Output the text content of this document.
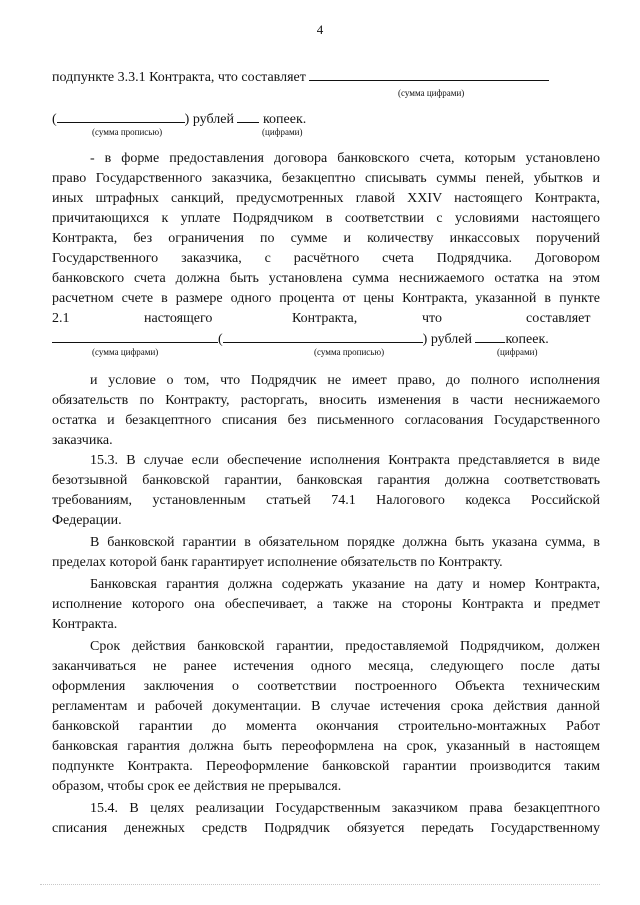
4
подпункте 3.3.1 Контракта, что составляет
(сумма цифрами)
(	) рублей копеек.
(сумма прописью)	(цифрами)
- в форме предоставления договора банковского счета, которым установлено
право Государственного заказчика, безакцептно списывать суммы пеней, убытков и
иных штрафных санкций, предусмотренных главой XXIV настоящего Контракта,
причитающихся к уплате Подрядчиком в соответствии с условиями настоящего
Контракта, без ограничения по сумме и количеству инкассовых поручений
Государственного заказчика, с расчётного счета Подрядчика. Договором
банковского счета должна быть установлена сумма неснижаемого остатка на этом
расчетном счете в размере одного процента от цены Контракта, указанной в пункте
2.1	настоящего	Контракта,	что	составляет
(	) рублей копеек.
(сумма цифрами)	(сумма прописью)	(цифрами)
и условие о том, что Подрядчик не имеет право, до полного исполнения
обязательств по Контракту, расторгать, вносить изменения в части неснижаемого
остатка и безакцептного списания без письменного согласования Государственного
заказчика.
15.3. В случае если обеспечение исполнения Контракта представляется в виде
безотзывной банковской гарантии, банковская гарантия должна соответствовать
требованиям, установленным статьей 74.1 Налогового кодекса Российской
Федерации.
В банковской гарантии в обязательном порядке должна быть указана сумма, в
пределах которой банк гарантирует исполнение обязательств по Контракту.
Банковская гарантия должна содержать указание на дату и номер Контракта,
исполнение которого она обеспечивает, а также на стороны Контракта и предмет
Контракта.
Срок действия банковской гарантии, предоставляемой Подрядчиком, должен
заканчиваться не ранее истечения одного месяца, следующего после даты
оформления заключения о соответствии построенного Объекта техническим
регламентам и рабочей документации. В случае истечения срока действия данной
банковской гарантии до момента окончания строительно-монтажных Работ
банковская гарантия должна быть переоформлена на срок, указанный в настоящем
подпункте Контракта. Переоформление банковской гарантии производится таким
образом, чтобы срок ее действия не прерывался.
15.4. В целях реализации Государственным заказчиком права безакцептного
списания денежных средств Подрядчик обязуется передать Государственному
